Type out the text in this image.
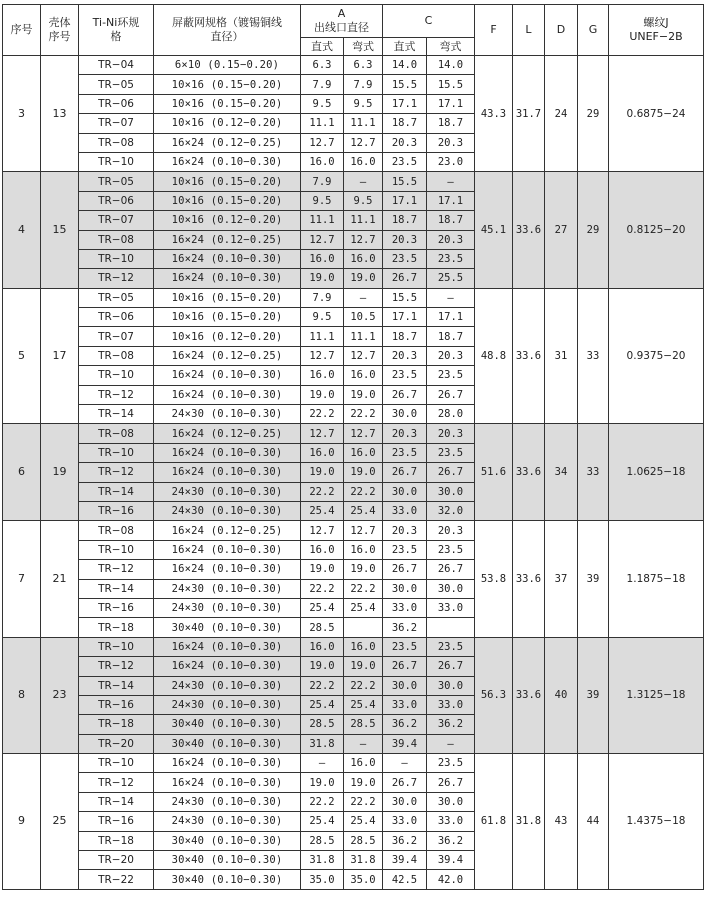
序号	壳体序号	Ti-Ni环规 格	屏蔽网规格（镀锡铜线直径）	A
出线口直径		C		F	L	D	G	螺纹J UNEF−2B
				直式	弯式	直式	弯式					
3	13	TR−04	6×10 (0.15−0.20)	6.3	6.3	14.0	14.0	43.3	31.7	24	29	0.6875−24
		TR−05	10×16 (0.15−0.20)	7.9	7.9	15.5	15.5					
		TR−06	10×16 (0.15−0.20)	9.5	9.5	17.1	17.1					
		TR−07	10×16 (0.12−0.20)	11.1	11.1	18.7	18.7					
		TR−08	16×24 (0.12−0.25)	12.7	12.7	20.3	20.3					
		TR−10	16×24 (0.10−0.30)	16.0	16.0	23.5	23.0					
4	15	TR−05	10×16 (0.15−0.20)	7.9	—	15.5	—	45.1	33.6	27	29	0.8125−20
		TR−06	10×16 (0.15−0.20)	9.5	9.5	17.1	17.1					
		TR−07	10×16 (0.12−0.20)	11.1	11.1	18.7	18.7					
		TR−08	16×24 (0.12−0.25)	12.7	12.7	20.3	20.3					
		TR−10	16×24 (0.10−0.30)	16.0	16.0	23.5	23.5					
		TR−12	16×24 (0.10−0.30)	19.0	19.0	26.7	25.5					
5	17	TR−05	10×16 (0.15−0.20)	7.9	—	15.5	—	48.8	33.6	31	33	0.9375−20
		TR−06	10×16 (0.15−0.20)	9.5	10.5	17.1	17.1					
		TR−07	10×16 (0.12−0.20)	11.1	11.1	18.7	18.7					
		TR−08	16×24 (0.12−0.25)	12.7	12.7	20.3	20.3					
		TR−10	16×24 (0.10−0.30)	16.0	16.0	23.5	23.5					
		TR−12	16×24 (0.10−0.30)	19.0	19.0	26.7	26.7					
		TR−14	24×30 (0.10−0.30)	22.2	22.2	30.0	28.0					
6	19	TR−08	16×24 (0.12−0.25)	12.7	12.7	20.3	20.3	51.6	33.6	34	33	1.0625−18
		TR−10	16×24 (0.10−0.30)	16.0	16.0	23.5	23.5					
		TR−12	16×24 (0.10−0.30)	19.0	19.0	26.7	26.7					
		TR−14	24×30 (0.10−0.30)	22.2	22.2	30.0	30.0					
		TR−16	24×30 (0.10−0.30)	25.4	25.4	33.0	32.0					
7	21	TR−08	16×24 (0.12−0.25)	12.7	12.7	20.3	20.3	53.8	33.6	37	39	1.1875−18
		TR−10	16×24 (0.10−0.30)	16.0	16.0	23.5	23.5					
		TR−12	16×24 (0.10−0.30)	19.0	19.0	26.7	26.7					
		TR−14	24×30 (0.10−0.30)	22.2	22.2	30.0	30.0					
		TR−16	24×30 (0.10−0.30)	25.4	25.4	33.0	33.0					
		TR−18	30×40 (0.10−0.30)	28.5		36.2						
8	23	TR−10	16×24 (0.10−0.30)	16.0	16.0	23.5	23.5	56.3	33.6	40	39	1.3125−18
		TR−12	16×24 (0.10−0.30)	19.0	19.0	26.7	26.7					
		TR−14	24×30 (0.10−0.30)	22.2	22.2	30.0	30.0					
		TR−16	24×30 (0.10−0.30)	25.4	25.4	33.0	33.0					
		TR−18	30×40 (0.10−0.30)	28.5	28.5	36.2	36.2					
		TR−20	30×40 (0.10−0.30)	31.8	—	39.4	—					
9	25	TR−10	16×24 (0.10−0.30)	—	16.0	—	23.5	61.8	31.8	43	44	1.4375−18
		TR−12	16×24 (0.10−0.30)	19.0	19.0	26.7	26.7					
		TR−14	24×30 (0.10−0.30)	22.2	22.2	30.0	30.0					
		TR−16	24×30 (0.10−0.30)	25.4	25.4	33.0	33.0					
		TR−18	30×40 (0.10−0.30)	28.5	28.5	36.2	36.2					
		TR−20	30×40 (0.10−0.30)	31.8	31.8	39.4	39.4					
		TR−22	30×40 (0.10−0.30)	35.0	35.0	42.5	42.0					
